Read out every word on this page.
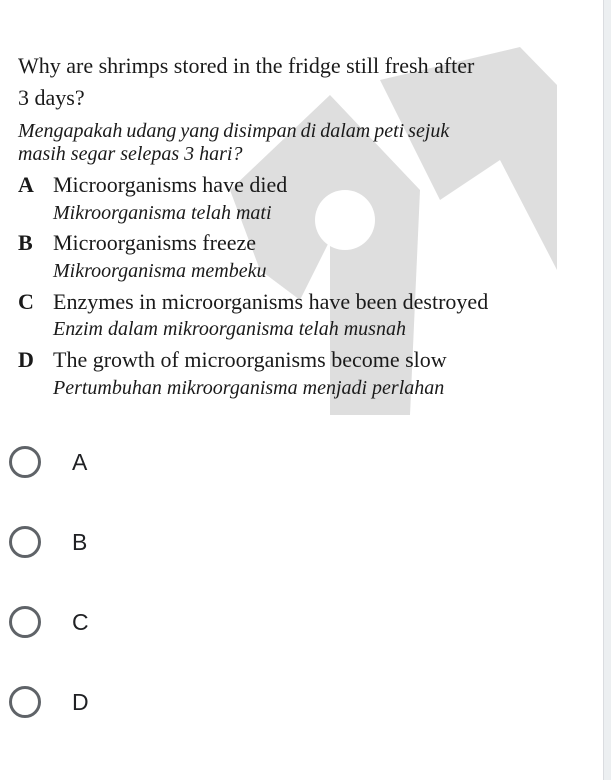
Why are shrimps stored in the fridge still fresh after
3 days?
Mengapakah udang yang disimpan di dalam peti sejuk
masih segar selepas 3 hari?
A Microorganisms have died
Mikroorganisma telah mati
B Microorganisms freeze
Mikroorganisma membeku
C Enzymes in microorganisms have been destroyed
Enzim dalam mikroorganisma telah musnah
D The growth of microorganisms become slow
Pertumbuhan mikroorganisma menjadi perlahan
A
B
C
D
